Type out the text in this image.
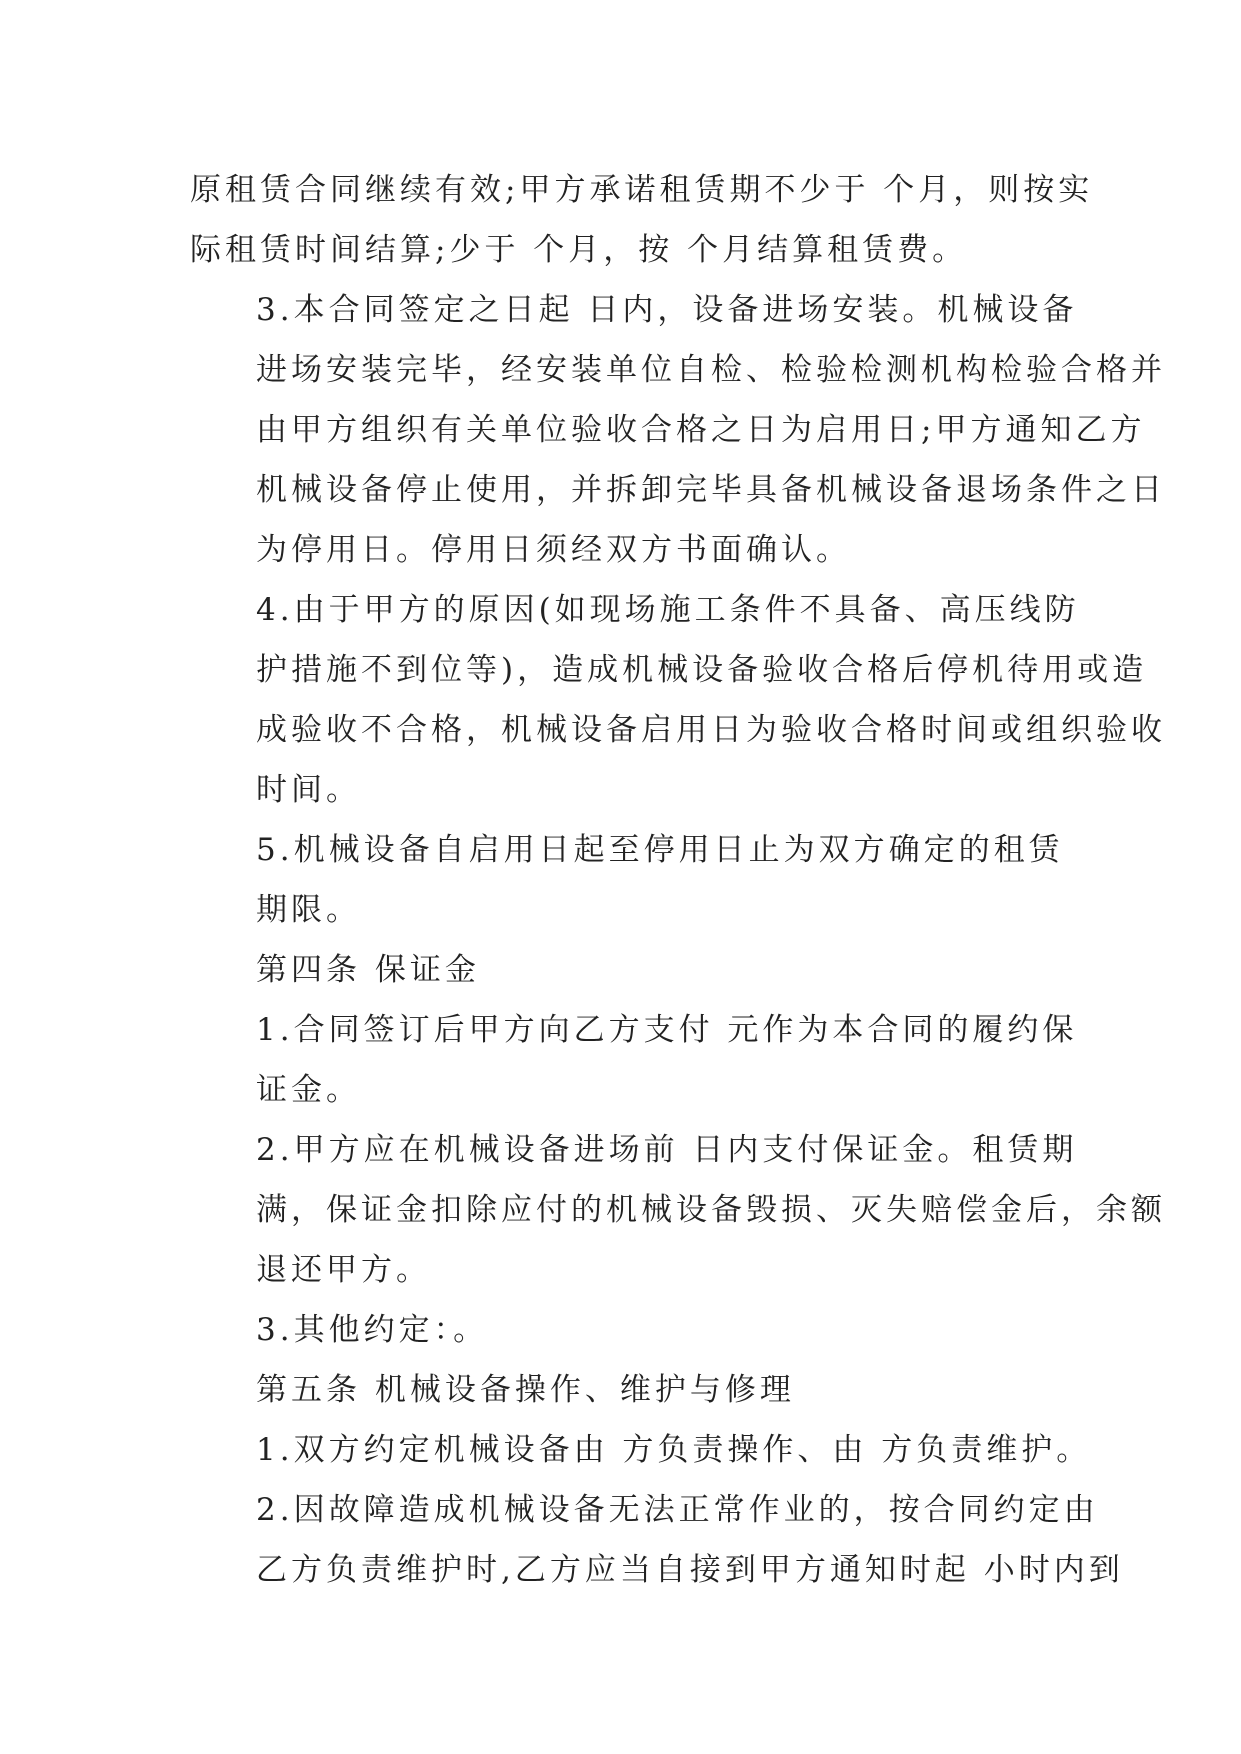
原租赁合同继续有效;甲方承诺租赁期不少于 个月，则按实
际租赁时间结算;少于 个月，按 个月结算租赁费。

3.本合同签定之日起 日内，设备进场安装。机械设备
进场安装完毕，经安装单位自检、检验检测机构检验合格并
由甲方组织有关单位验收合格之日为启用日;甲方通知乙方
机械设备停止使用，并拆卸完毕具备机械设备退场条件之日
为停用日。停用日须经双方书面确认。

4.由于甲方的原因(如现场施工条件不具备、高压线防
护措施不到位等)，造成机械设备验收合格后停机待用或造
成验收不合格，机械设备启用日为验收合格时间或组织验收
时间。

5.机械设备自启用日起至停用日止为双方确定的租赁
期限。

第四条 保证金

1.合同签订后甲方向乙方支付 元作为本合同的履约保
证金。

2.甲方应在机械设备进场前 日内支付保证金。租赁期
满，保证金扣除应付的机械设备毁损、灭失赔偿金后，余额
退还甲方。

3.其他约定：。

第五条 机械设备操作、维护与修理

1.双方约定机械设备由 方负责操作、由 方负责维护。

2.因故障造成机械设备无法正常作业的，按合同约定由
乙方负责维护时,乙方应当自接到甲方通知时起 小时内到
